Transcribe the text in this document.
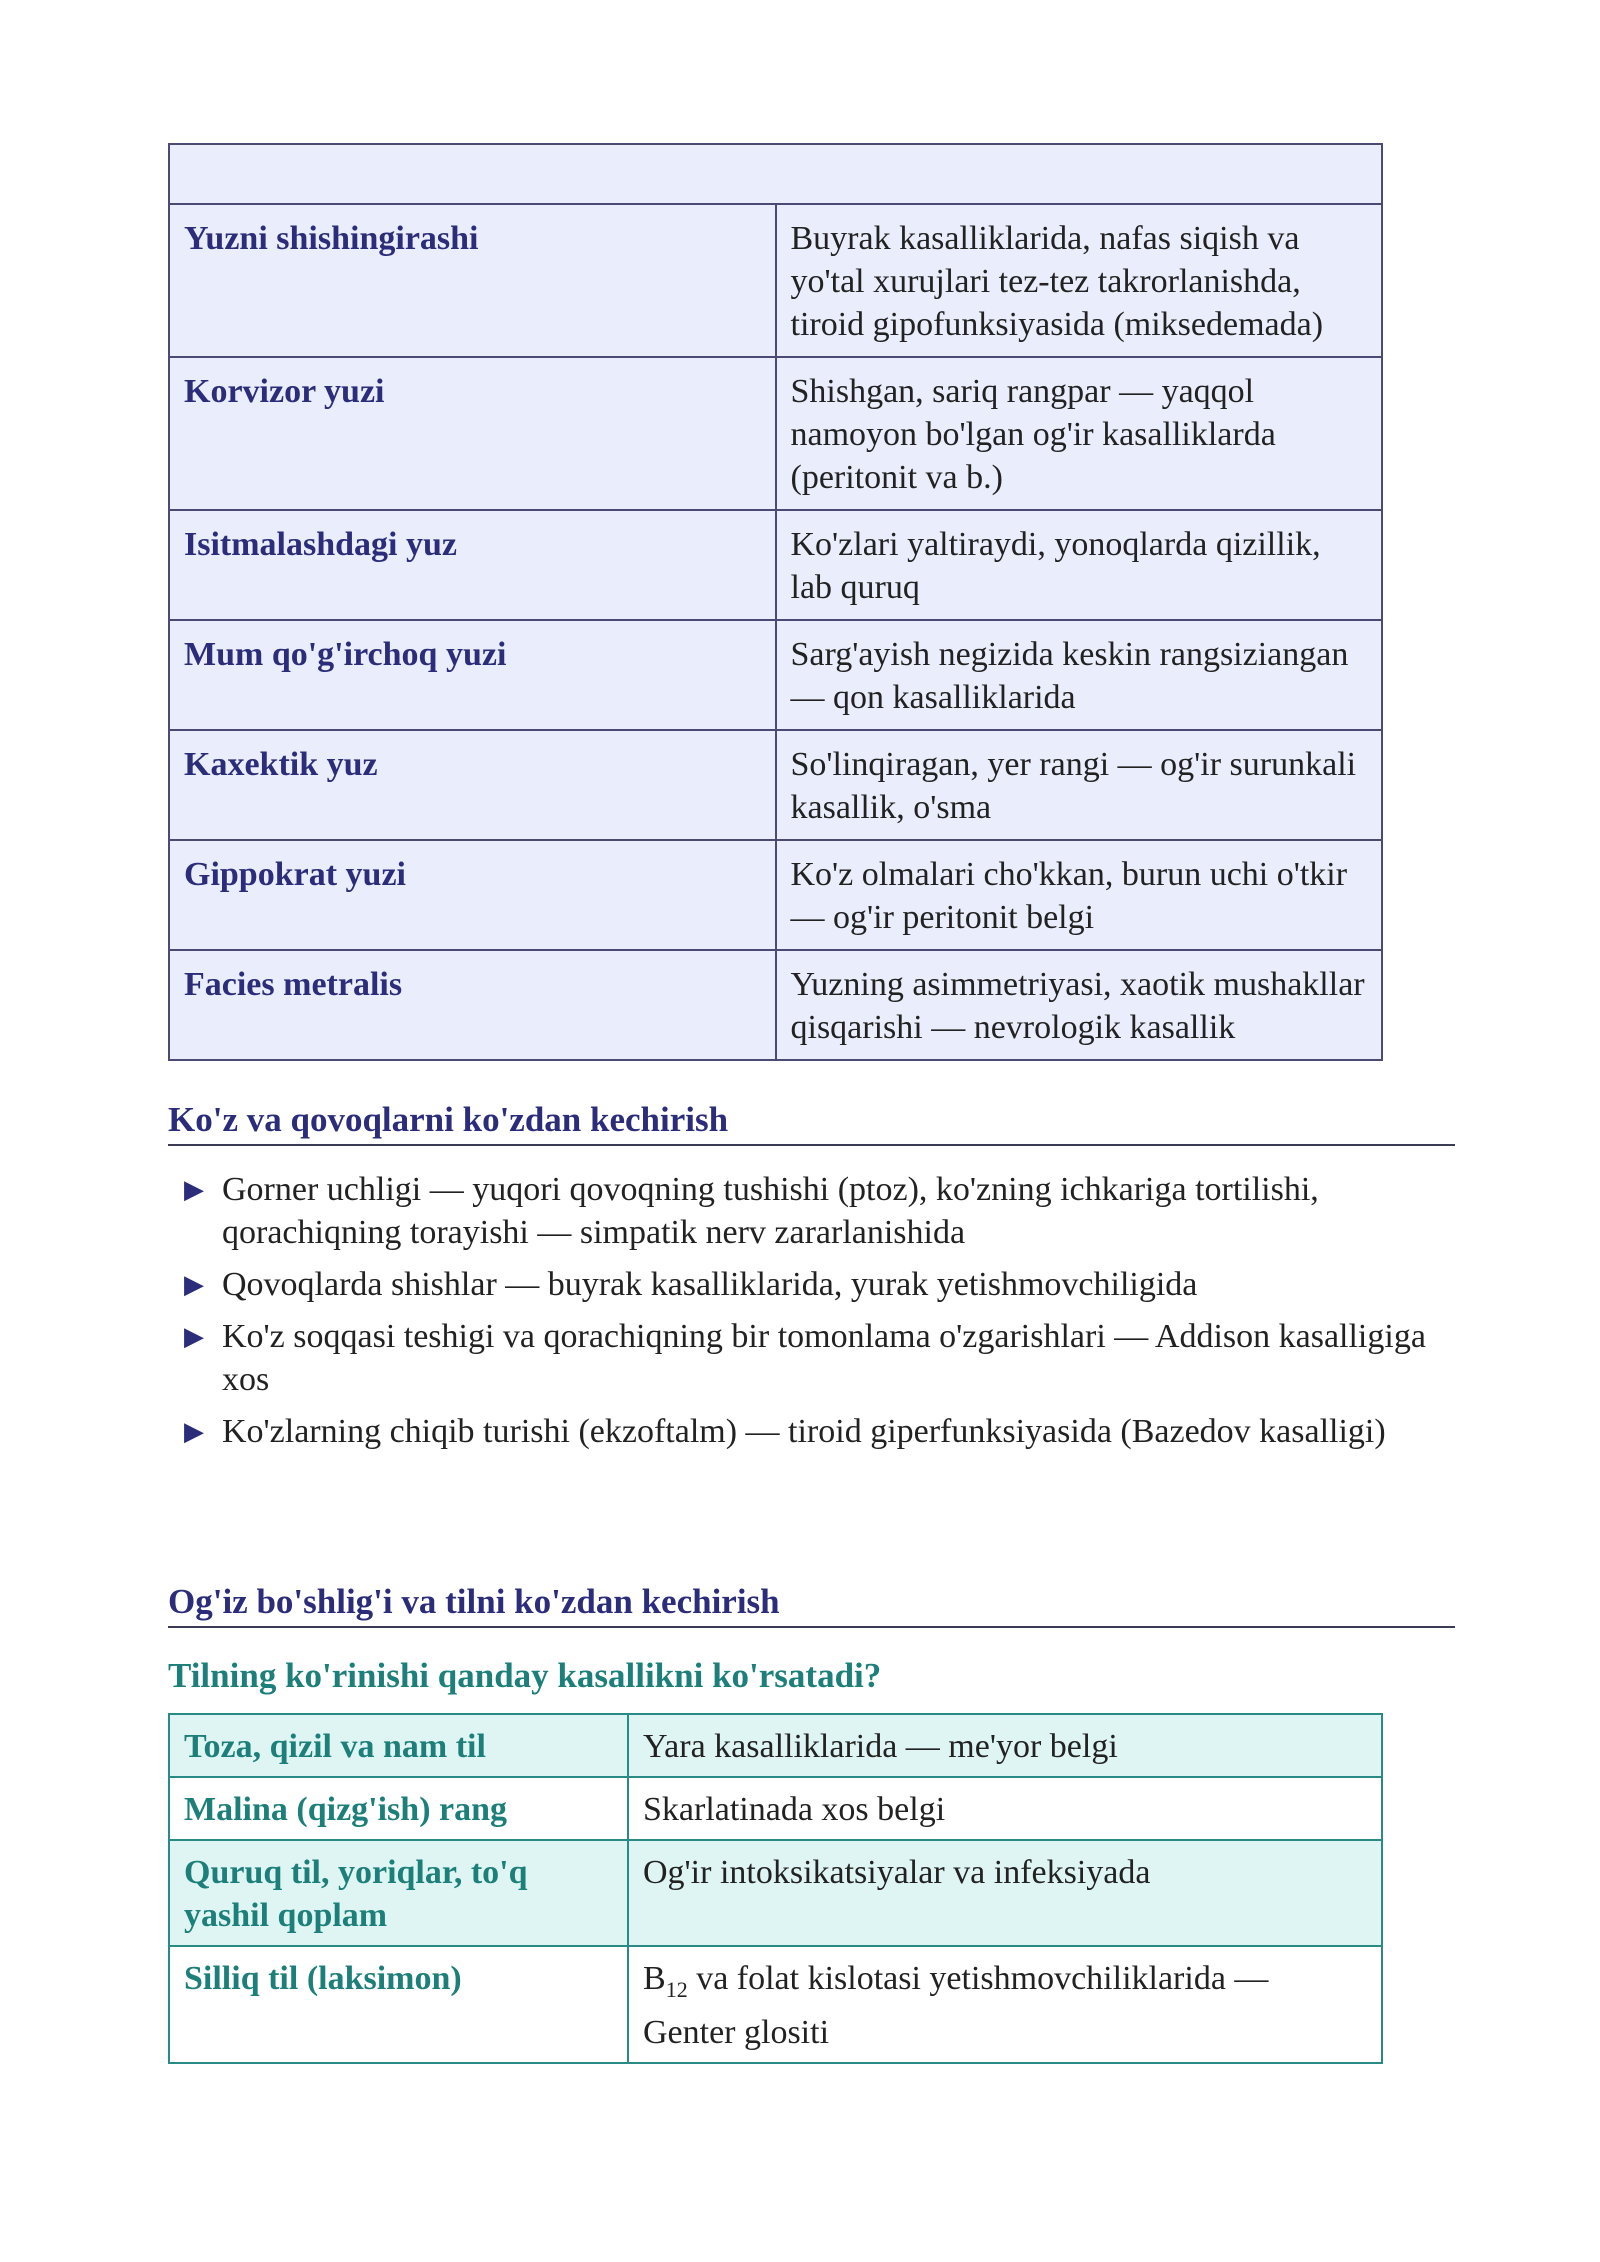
Yuzni shishingirashi	Buyrak kasalliklarida, nafas siqish va yo'tal xurujlari tez-tez takrorlanishda, tiroid gipofunksiyasida (miksedemada)
Korvizor yuzi	Shishgan, sariq rangpar — yaqqol namoyon bo'lgan og'ir kasalliklarda (peritonit va b.)
Isitmalashdagi yuz	Ko'zlari yaltiraydi, yonoqlarda qizillik, lab quruq
Mum qo'g'irchoq yuzi	Sarg'ayish negizida keskin rangsiziangan — qon kasalliklarida
Kaxektik yuz	So'linqiragan, yer rangi — og'ir surunkali kasallik, o'sma
Gippokrat yuzi	Ko'z olmalari cho'kkan, burun uchi o'tkir — og'ir peritonit belgi
Facies metralis	Yuzning asimmetriyasi, xaotik mushakllar qisqarishi — nevrologik kasallik
Ko'z va qovoqlarni ko'zdan kechirish
▶ Gorner uchligi — yuqori qovoqning tushishi (ptoz), ko'zning ichkariga tortilishi, qorachiqning torayishi — simpatik nerv zararlanishida
▶ Qovoqlarda shishlar — buyrak kasalliklarida, yurak yetishmovchiligida
▶ Ko'z soqqasi teshigi va qorachiqning bir tomonlama o'zgarishlari — Addison kasalligiga xos
▶ Ko'zlarning chiqib turishi (ekzoftalm) — tiroid giperfunksiyasida (Bazedov kasalligi)
Og'iz bo'shlig'i va tilni ko'zdan kechirish
Tilning ko'rinishi qanday kasallikni ko'rsatadi?
Toza, qizil va nam til	Yara kasalliklarida — me'yor belgi
Malina (qizg'ish) rang	Skarlatinada xos belgi
Quruq til, yoriqlar, to'q yashil qoplam	Og'ir intoksikatsiyalar va infeksiyada
Silliq til (laksimon)	$B_{12}$ va folat kislotasi yetishmovchiliklarida — Genter glositi
